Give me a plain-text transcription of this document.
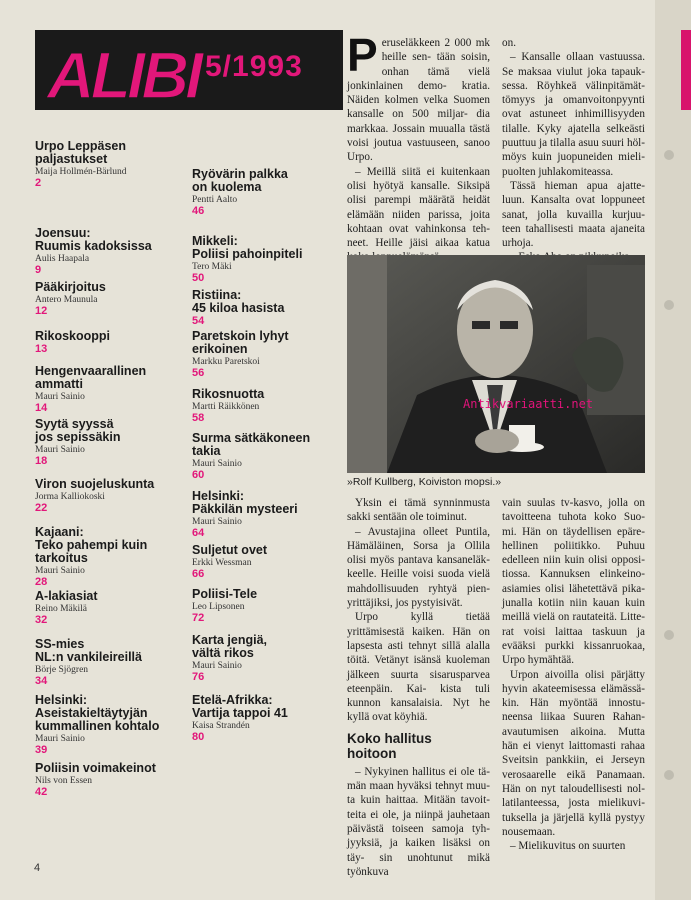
ALIBI 5/1993
Urpo Leppäsen
paljastukset
Maija Hollmén-Bärlund
2
Joensuu:
Ruumis kadoksissa
Aulis Haapala
9
Pääkirjoitus
Antero Maunula
12
Rikoskooppi
13
Hengenvaarallinen
ammatti
Mauri Sainio
14
Syytä syyssä
jos sepissäkin
Mauri Sainio
18
Viron suojeluskunta
Jorma Kalliokoski
22
Kajaani:
Teko pahempi kuin
tarkoitus
Mauri Sainio
28
A-lakiasiat
Reino Mäkilä
32
SS-mies
NL:n vankileireillä
Börje Sjögren
34
Helsinki:
Aseistakieltäytyjän
kummallinen kohtalo
Mauri Sainio
39
Poliisin voimakeinot
Nils von Essen
42
Ryövärin palkka
on kuolema
Pentti Aalto
46
Mikkeli:
Poliisi pahoinpiteli
Tero Mäki
50
Ristiina:
45 kiloa hasista
54
Paretskoin lyhyt
erikoinen
Markku Paretskoi
56
Rikosnuotta
Martti Räikkönen
58
Surma sätkäkoneen
takia
Mauri Sainio
60
Helsinki:
Päkkilän mysteeri
Mauri Sainio
64
Suljetut ovet
Erkki Wessman
66
Poliisi-Tele
Leo Lipsonen
72
Karta jengiä,
vältä rikos
Mauri Sainio
76
Etelä-Afrikka:
Vartija tappoi 41
Kaisa Strandén
80
P eruseläkkeen 2 000 mk heille sen- tään soisin, onhan tämä vielä jonkinlainen demo- kratia. Näiden kolmen velka Suomen kansalle on 500 miljar- dia markkaa. Jossain muualla tästä voisi joutua vastuuseen, sanoo Urpo.

– Meillä siitä ei kuitenkaan olisi hyötyä kansalle. Siksipä olisi parempi määrätä heidät elämään niiden parissa, joita kohtaan ovat vahinkonsa teh- neet. Heille jäisi aikaa katua

on.

– Kansalle ollaan vastuussa. Se maksaa viulut joka tapauk- sessa. Röyhkeä välinpitämät- tömyys ja omanvoitonpyynti ovat astuneet inhimillisyyden tilalle. Kyky ajatella selkeästi puuttuu ja tilalla asuu suuri höl- möys kuin juopuneiden mieli- puolten juhlakomiteassa.

Tässä hieman apua ajatte- luun. Kansalta ovat loppuneet sanat, jolla kuvailla kurjuu- teen tahallisesti maata ajaneita urhoja.

»Rolf Kullberg, Koiviston mopsi.»

Yksin ei tämä synninmusta sakki sentään ole toiminut.

– Avustajina olleet Puntila, Hämäläinen, Sorsa ja Ollila olisi myös pantava kansaneläk- keelle. Heille voisi suoda vielä mahdollisuuden ryhtyä pien- yrittäjiksi, jos pystyisivät.

Urpo kyllä tietää yrittämisestä kaiken. Hän on lapsesta asti tehnyt sillä alalla töitä. Vetänyt isänsä kuoleman jälkeen suurta sisarusparvea eteenpäin. Kai- kista tuli kunnon kansalaisia. Nyt he kyllä ovat köyhiä.

Koko hallitus
hoitoon

– Nykyinen hallitus ei ole tä- män maan hyväksi tehnyt muu- ta kuin haittaa. Mitään tavoit- teita ei ole, ja niinpä jauhetaan päivästä toiseen samoja tyh- jyyksiä, ja kaiken lisäksi on täy- sin unohtunut mikä työnkuva

vain suulas tv-kasvo, jolla on tavoitteena tuhota koko Suo- mi. Hän on täydellisen epäre- hellinen poliitikko. Puhuu edelleen niin kuin olisi opposi- tiossa. Kannuksen elinkeino- asiamies olisi lähetettävä pika- junalla kotiin niin kauan kuin meillä vielä on rautateitä. Litte- rat voisi laittaa taskuun ja evääksi purkki kissanruokaa, Urpo hymähtää.

Urpon aivoilla olisi pärjätty hyvin akateemisessa elämässä- kin. Hän myöntää innostu- neensa liikaa Suuren Rahan- avautumisen aikoina. Mutta hän ei vienyt laittomasti rahaa Sveitsin pankkiin, ei Jerseyn verosaarelle eikä Panamaan. Hän on nyt taloudellisesti nol- latilanteessa, josta mielikuvi- tuksella ja järjellä kyllä pystyy nousemaan.

– Mielikuvitus on suurten

Antikvariaatti.net
4
